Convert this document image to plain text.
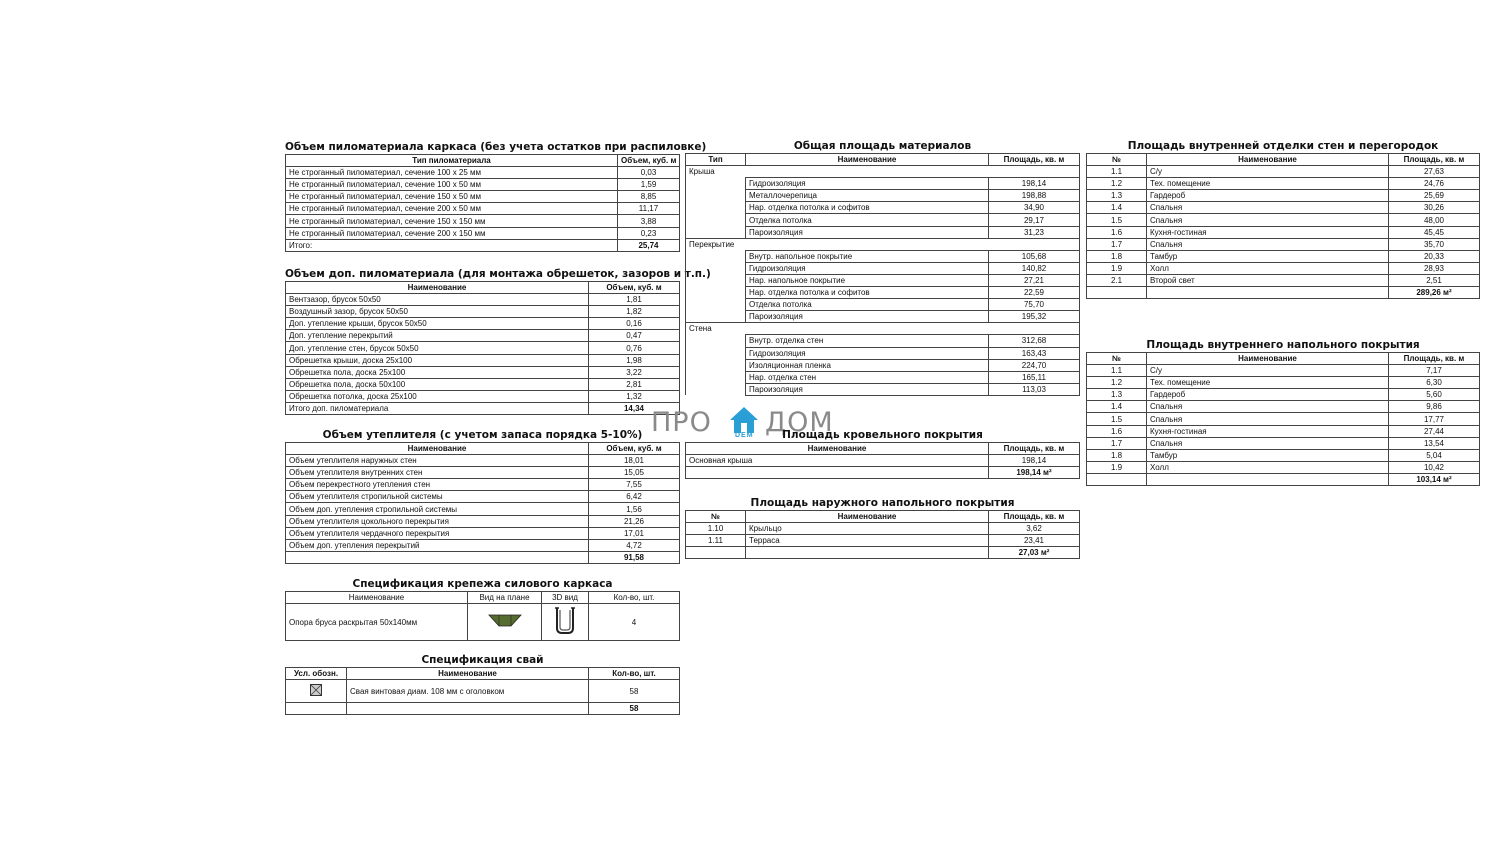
Объем пиломатериала каркаса (без учета остатков при распиловке)
Тип пиломатериала	Объем, куб. м
Не строганный пиломатериал, сечение 100 х 25 мм	0,03
Не строганный пиломатериал, сечение 100 х 50 мм	1,59
Не строганный пиломатериал, сечение 150 х 50 мм	8,85
Не строганный пиломатериал, сечение 200 х 50 мм	11,17
Не строганный пиломатериал, сечение 150 х 150 мм	3,88
Не строганный пиломатериал, сечение 200 х 150 мм	0,23
Итого:	25,74
Объем доп. пиломатериала (для монтажа обрешеток, зазоров и т.п.)
Наименование	Объем, куб. м
Вентзазор, брусок 50х50	1,81
Воздушный зазор, брусок 50х50	1,82
Доп. утепление крыши, брусок 50х50	0,16
Доп. утепление перекрытий	0,47
Доп. утепление стен, брусок 50х50	0,76
Обрешетка крыши, доска 25х100	1,98
Обрешетка пола, доска 25х100	3,22
Обрешетка пола, доска 50х100	2,81
Обрешетка потолка, доска 25х100	1,32
Итого доп. пиломатериала	14,34
Объем утеплителя (с учетом запаса порядка 5-10%)
Наименование	Объем, куб. м
Объем утеплителя наружных стен	18,01
Объем утеплителя внутренних стен	15,05
Объем перекрестного утепления стен	7,55
Объем утеплителя стропильной системы	6,42
Объем доп. утепления стропильной системы	1,56
Объем утеплителя цокольного перекрытия	21,26
Объем утеплителя чердачного перекрытия	17,01
Объем доп. утепления перекрытий	4,72
	91,58
Спецификация крепежа силового каркаса
Наименование	Вид на плане	3D вид	Кол-во, шт.
Опора бруса раскрытая 50х140мм			4
Спецификация свай
Усл. обозн.	Наименование	Кол-во, шт.
	Свая винтовая диам. 108 мм с оголовком	58
		58
Общая площадь материалов
Тип	Наименование	Площадь, кв. м
Крыша		
	Гидроизоляция	198,14
	Металлочерепица	198,88
	Нар. отделка потолка и софитов	34,90
	Отделка потолка	29,17
	Пароизоляция	31,23
Перекрытие		
	Внутр. напольное покрытие	105,68
	Гидроизоляция	140,82
	Нар. напольное покрытие	27,21
	Нар. отделка потолка и софитов	22,59
	Отделка потолка	75,70
	Пароизоляция	195,32
Стена		
	Внутр. отделка стен	312,68
	Гидроизоляция	163,43
	Изоляционная пленка	224,70
	Нар. отделка стен	165,11
	Пароизоляция	113,03
ПРО	DEM ДОМ
Площадь кровельного покрытия
Наименование	Площадь, кв. м
Основная крыша	198,14
	198,14 м²
Площадь наружного напольного покрытия
№	Наименование	Площадь, кв. м
1.10	Крыльцо	3,62
1.11	Терраса	23,41
		27,03 м²
Площадь внутренней отделки стен и перегородок
№	Наименование	Площадь, кв. м
1.1	С/у	27,63
1.2	Тех. помещение	24,76
1.3	Гардероб	25,69
1.4	Спальня	30,26
1.5	Спальня	48,00
1.6	Кухня-гостиная	45,45
1.7	Спальня	35,70
1.8	Тамбур	20,33
1.9	Холл	28,93
2.1	Второй свет	2,51
		289,26 м²
Площадь внутреннего напольного покрытия
№	Наименование	Площадь, кв. м
1.1	С/у	7,17
1.2	Тех. помещение	6,30
1.3	Гардероб	5,60
1.4	Спальня	9,86
1.5	Спальня	17,77
1.6	Кухня-гостиная	27,44
1.7	Спальня	13,54
1.8	Тамбур	5,04
1.9	Холл	10,42
		103,14 м²
